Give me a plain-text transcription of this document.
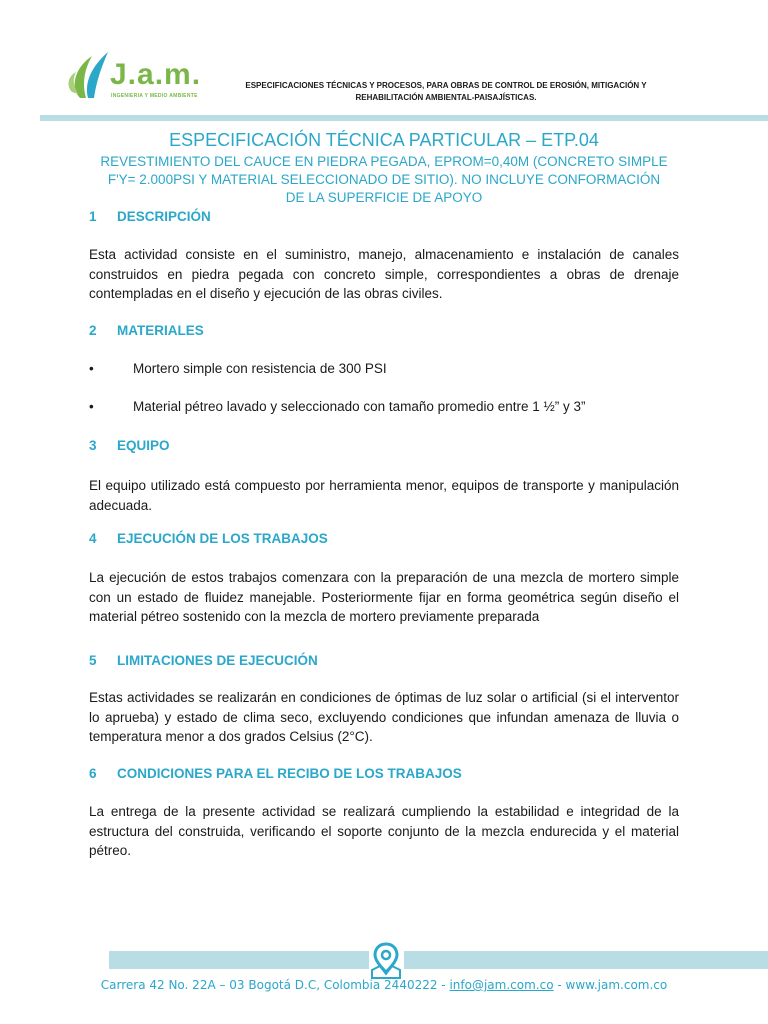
J.a.m.
INGENIERIA Y MEDIO AMBIENTE
ESPECIFICACIONES TÉCNICAS Y PROCESOS, PARA OBRAS DE CONTROL DE EROSIÓN, MITIGACIÓN Y REHABILITACIÓN AMBIENTAL-PAISAJÍSTICAS.
ESPECIFICACIÓN TÉCNICA PARTICULAR – ETP.04
REVESTIMIENTO DEL CAUCE EN PIEDRA PEGADA, EPROM=0,40M (CONCRETO SIMPLE F'Y= 2.000PSI Y MATERIAL SELECCIONADO DE SITIO). NO INCLUYE CONFORMACIÓN DE LA SUPERFICIE DE APOYO
1 DESCRIPCIÓN
Esta actividad consiste en el suministro, manejo, almacenamiento e instalación de canales construidos en piedra pegada con concreto simple, correspondientes a obras de drenaje contempladas en el diseño y ejecución de las obras civiles.
2 MATERIALES
•	Mortero simple con resistencia de 300 PSI
•	Material pétreo lavado y seleccionado con tamaño promedio entre 1 ½” y 3”
3 EQUIPO
El equipo utilizado está compuesto por herramienta menor, equipos de transporte y manipulación adecuada.
4 EJECUCIÓN DE LOS TRABAJOS
La ejecución de estos trabajos comenzara con la preparación de una mezcla de mortero simple con un estado de fluidez manejable. Posteriormente fijar en forma geométrica según diseño el material pétreo sostenido con la mezcla de mortero previamente preparada
5 LIMITACIONES DE EJECUCIÓN
Estas actividades se realizarán en condiciones de óptimas de luz solar o artificial (si el interventor lo aprueba) y estado de clima seco, excluyendo condiciones que infundan amenaza de lluvia o temperatura menor a dos grados Celsius (2°C).
6 CONDICIONES PARA EL RECIBO DE LOS TRABAJOS
La entrega de la presente actividad se realizará cumpliendo la estabilidad e integridad de la estructura del construida, verificando el soporte conjunto de la mezcla endurecida y el material pétreo.
Carrera 42 No. 22A – 03 Bogotá D.C, Colombia 2440222 - info@jam.com.co - www.jam.com.co
